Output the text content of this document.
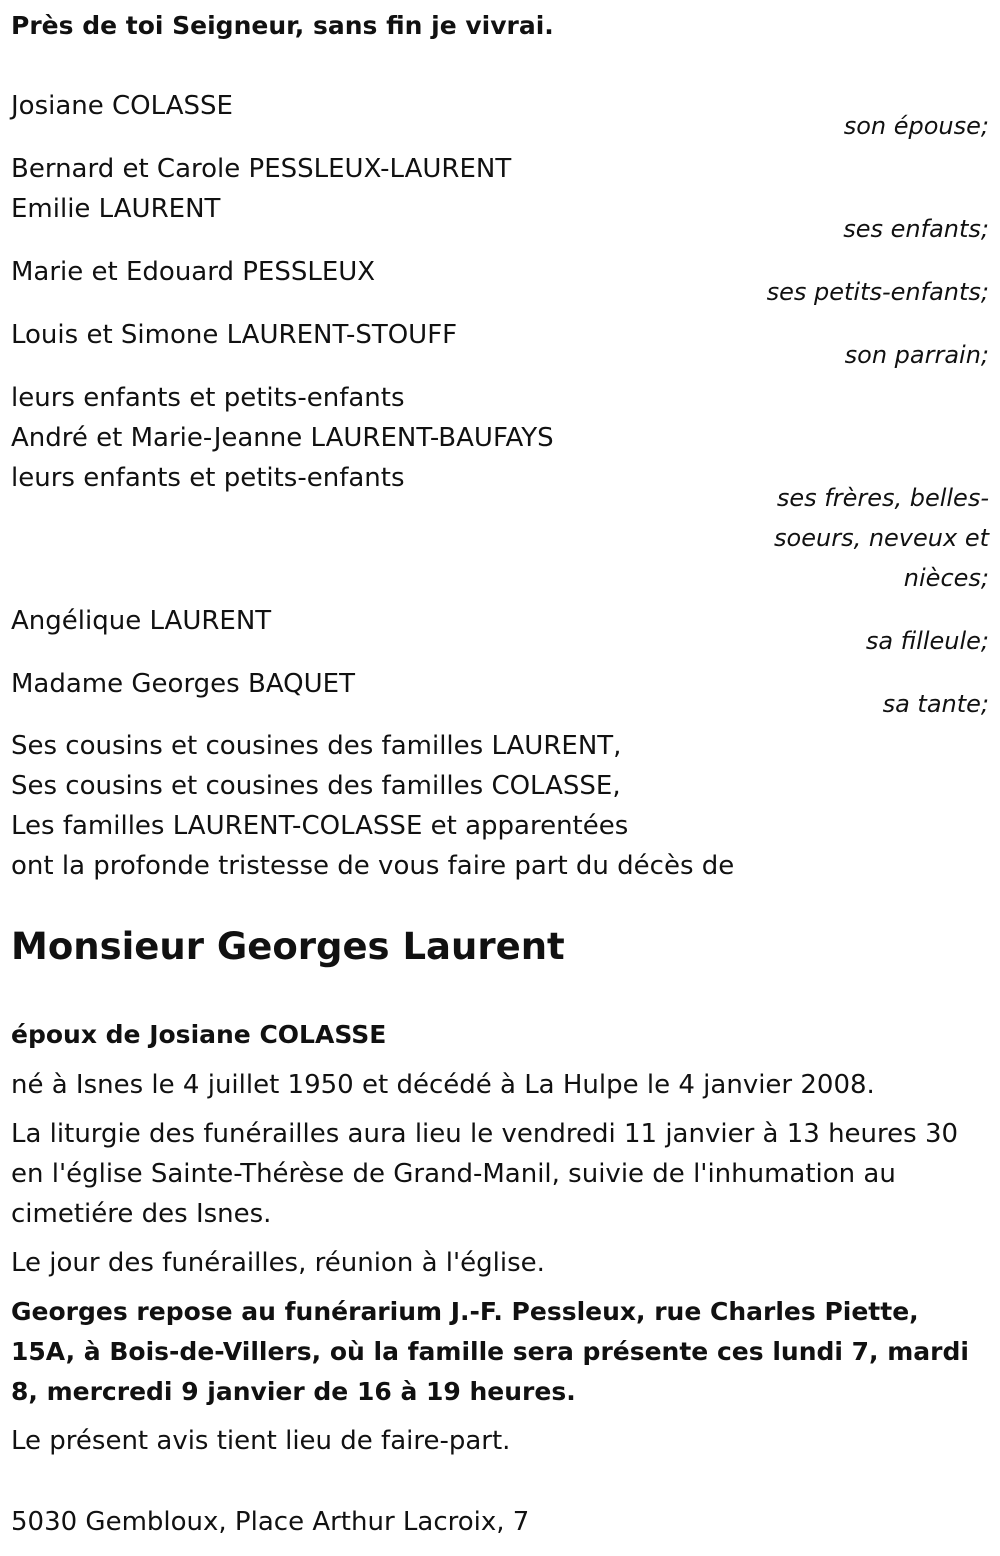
Près de toi Seigneur, sans fin je vivrai.
Josiane COLASSE
son épouse;
Bernard et Carole PESSLEUX-LAURENT
Emilie LAURENT
ses enfants;
Marie et Edouard PESSLEUX
ses petits-enfants;
Louis et Simone LAURENT-STOUFF
son parrain;
leurs enfants et petits-enfants
André et Marie-Jeanne LAURENT-BAUFAYS
leurs enfants et petits-enfants
ses frères, belles-soeurs, neveux et nièces;
Angélique LAURENT
sa filleule;
Madame Georges BAQUET
sa tante;
Ses cousins et cousines des familles LAURENT,
Ses cousins et cousines des familles COLASSE,
Les familles LAURENT-COLASSE et apparentées
ont la profonde tristesse de vous faire part du décès de
Monsieur Georges Laurent
époux de Josiane COLASSE
né à Isnes le 4 juillet 1950 et décédé à La Hulpe le 4 janvier 2008.
La liturgie des funérailles aura lieu le vendredi 11 janvier à 13 heures 30 en l'église Sainte-Thérèse de Grand-Manil, suivie de l'inhumation au cimetiére des Isnes.
Le jour des funérailles, réunion à l'église.
Georges repose au funérarium J.-F. Pessleux, rue Charles Piette, 15A, à Bois-de-Villers, où la famille sera présente ces lundi 7, mardi 8, mercredi 9 janvier de 16 à 19 heures.
Le présent avis tient lieu de faire-part.
5030 Gembloux, Place Arthur Lacroix, 7
